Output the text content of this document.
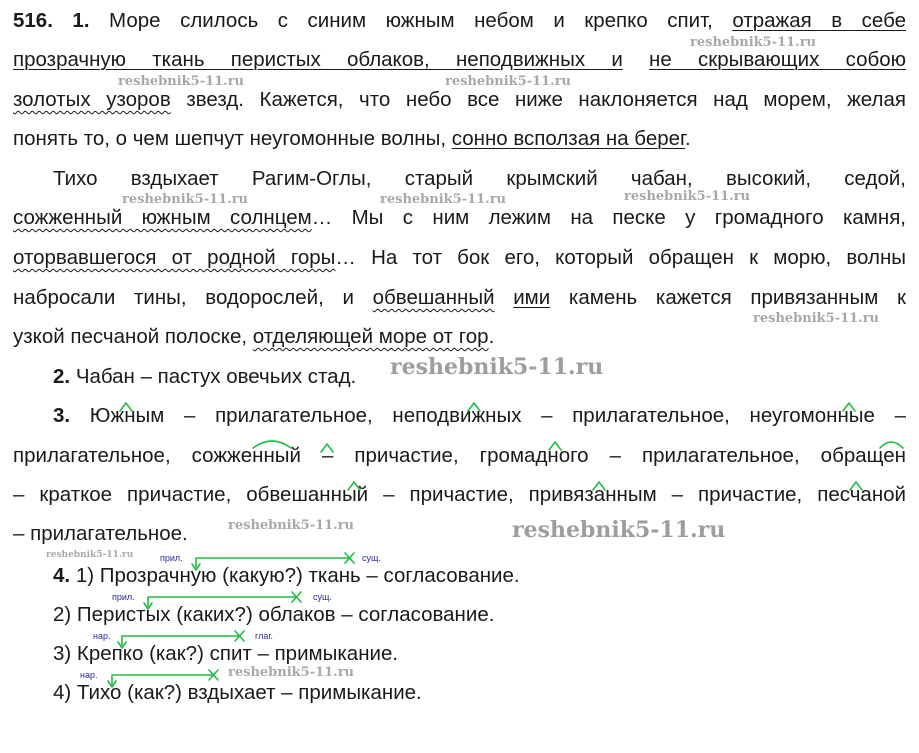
516. 1. Море слилось с синим южным небом и крепко спит, отражая в себе
прозрачную ткань перистых облаков, неподвижных и не скрывающих собою
золотых узоров звезд. Кажется, что небо все ниже наклоняется над морем, желая
понять то, о чем шепчут неугомонные волны, сонно всползая на берег.
Тихо вздыхает Рагим-Оглы, старый крымский чабан, высокий, седой,
сожженный южным солнцем… Мы с ним лежим на песке у громадного камня,
оторвавшегося от родной горы… На тот бок его, который обращен к морю, волны
набросали тины, водорослей, и обвешанный ими камень кажется привязанным к
узкой песчаной полоске, отделяющей море от гор.
2. Чабан – пастух овечьих стад.
3. Южным – прилагательное, неподвижных – прилагательное, неугомонные –
прилагательное, сожженный – причастие, громадного – прилагательное, обращен
– краткое причастие, обвешанный – причастие, привязанным – причастие, песчаной
– прилагательное.
4. 1) Прозрачную (какую?) ткань – согласование.
2) Перистых (каких?) облаков – согласование.
3) Крепко (как?) спит – примыкание.
4) Тихо (как?) вздыхает – примыкание.
прил.	сущ.
прил.	сущ.
нар.	глаг.
нар.
reshebnik5-11.ru
reshebnik5-11.ru	reshebnik5-11.ru
reshebnik5-11.ru	reshebnik5-11.ru	reshebnik5-11.ru
reshebnik5-11.ru
reshebnik5-11.ru
reshebnik5-11.ru	reshebnik5-11.ru
reshebnik5-11.ru
reshebnik5-11.ru
